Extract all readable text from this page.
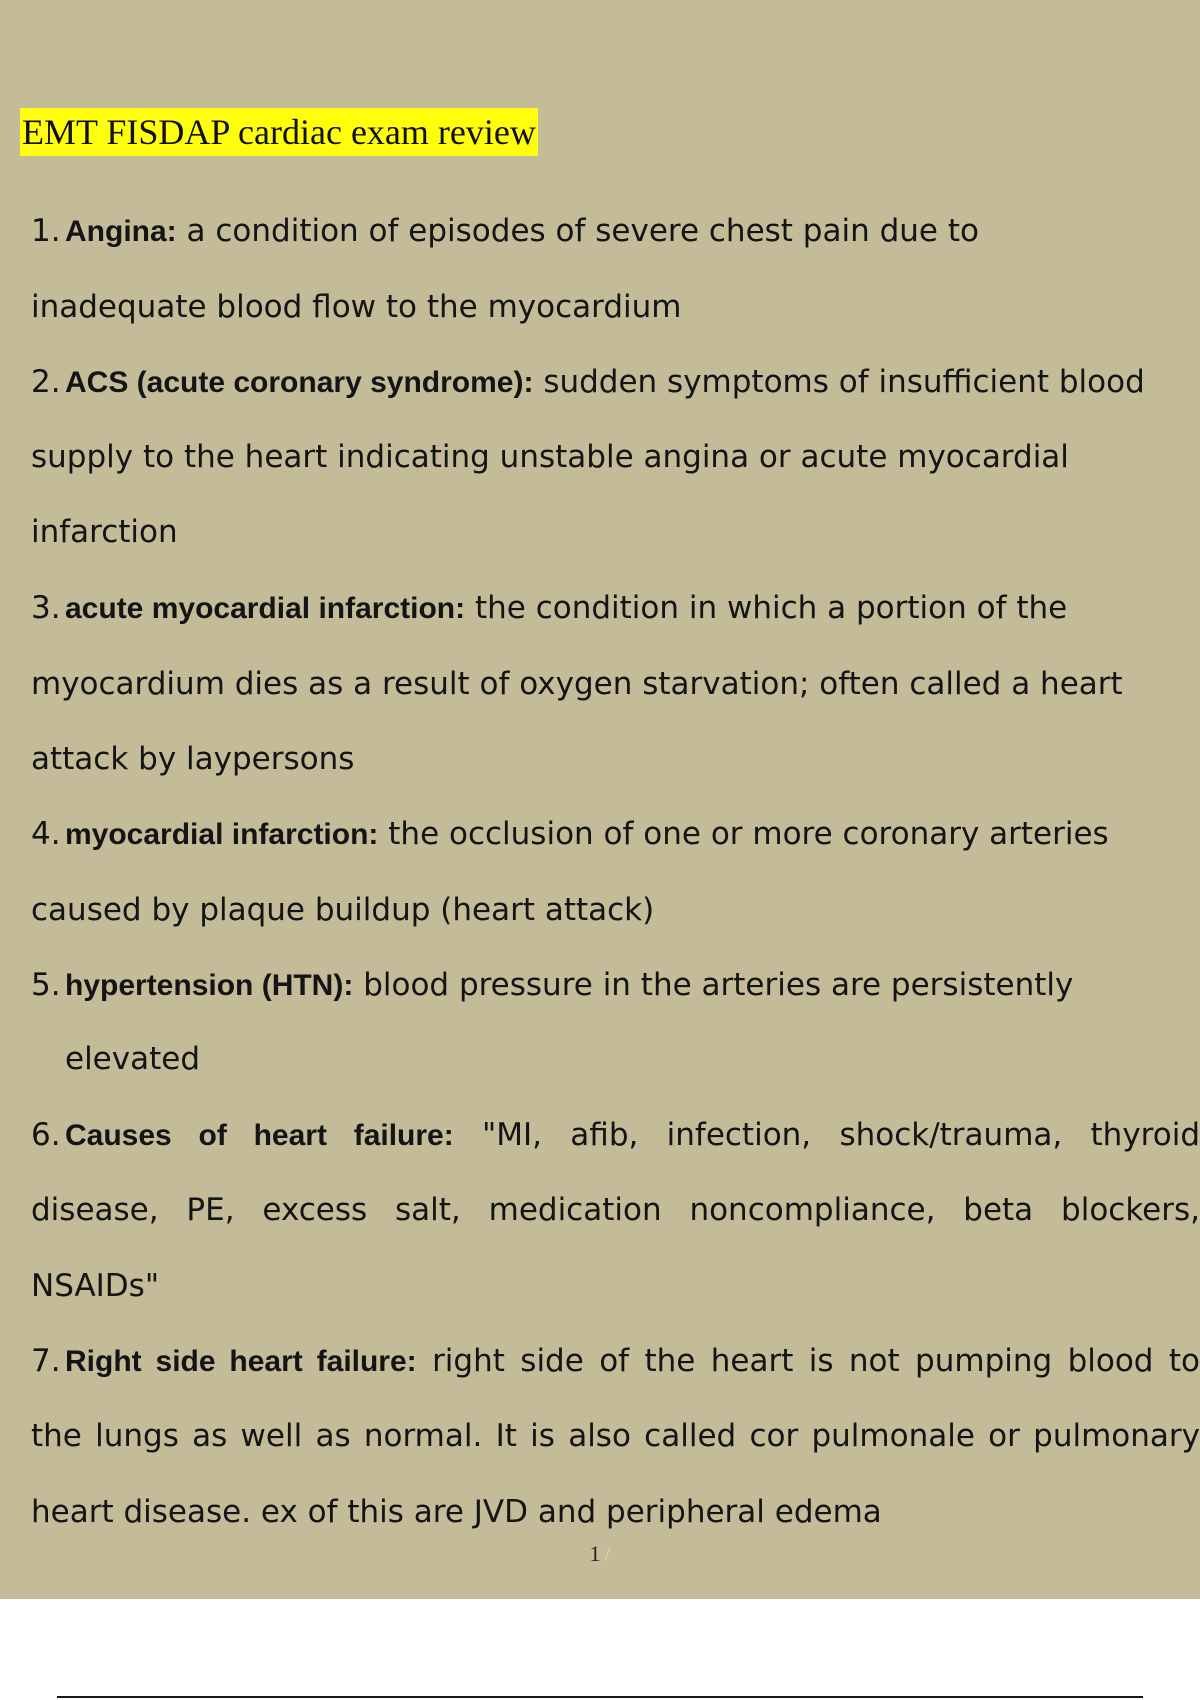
EMT FISDAP cardiac exam review
1. Angina: a condition of episodes of severe chest pain due to
inadequate blood flow to the myocardium
2. ACS (acute coronary syndrome): sudden symptoms of insufficient blood
supply to the heart indicating unstable angina or acute myocardial
infarction
3. acute myocardial infarction: the condition in which a portion of the
myocardium dies as a result of oxygen starvation; often called a heart
attack by laypersons
4. myocardial infarction: the occlusion of one or more coronary arteries
caused by plaque buildup (heart attack)
5. hypertension (HTN): blood pressure in the arteries are persistently
elevated
6. Causes of heart failure: "MI, afib, infection, shock/trauma, thyroid
disease, PE, excess salt, medication noncompliance, beta blockers,
NSAIDs"
7. Right side heart failure: right side of the heart is not pumping blood to
the lungs as well as normal. It is also called cor pulmonale or pulmonary
heart disease. ex of this are JVD and peripheral edema
1 /
